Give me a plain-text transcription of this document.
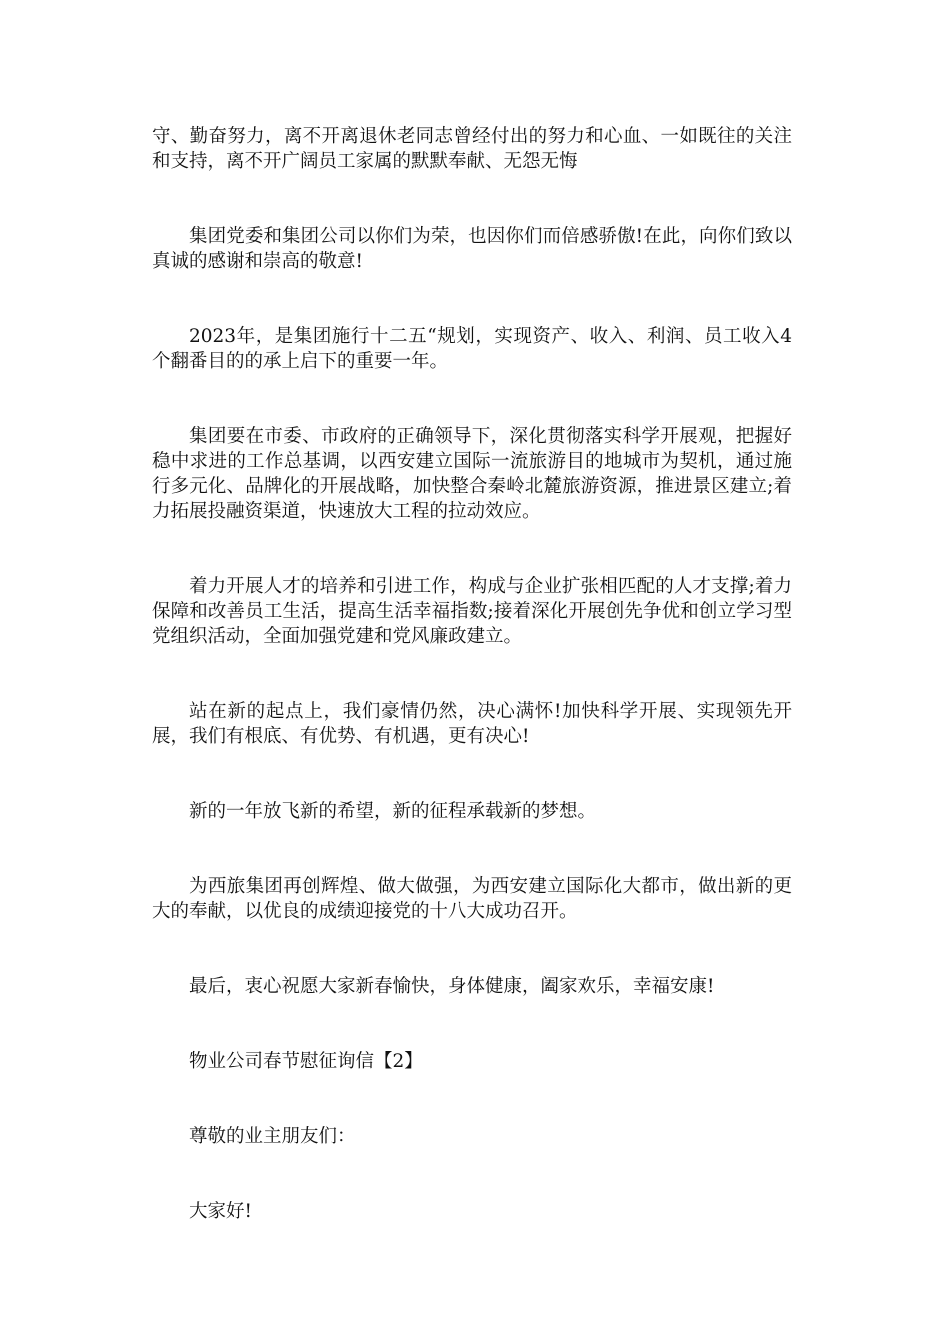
守、勤奋努力，离不开离退休老同志曾经付出的努力和心血、一如既往的关注和支持，离不开广阔员工家属的默默奉献、无怨无悔

集团党委和集团公司以你们为荣，也因你们而倍感骄傲!在此，向你们致以真诚的感谢和崇高的敬意!

2023年，是集团施行十二五“规划，实现资产、收入、利润、员工收入4个翻番目的的承上启下的重要一年。

集团要在市委、市政府的正确领导下，深化贯彻落实科学开展观，把握好稳中求进的工作总基调，以西安建立国际一流旅游目的地城市为契机，通过施行多元化、品牌化的开展战略，加快整合秦岭北麓旅游资源，推进景区建立;着力拓展投融资渠道，快速放大工程的拉动效应。

着力开展人才的培养和引进工作，构成与企业扩张相匹配的人才支撑;着力保障和改善员工生活，提高生活幸福指数;接着深化开展创先争优和创立学习型党组织活动，全面加强党建和党风廉政建立。

站在新的起点上，我们豪情仍然，决心满怀!加快科学开展、实现领先开展，我们有根底、有优势、有机遇，更有决心!

新的一年放飞新的希望，新的征程承载新的梦想。

为西旅集团再创辉煌、做大做强，为西安建立国际化大都市，做出新的更大的奉献，以优良的成绩迎接党的十八大成功召开。

最后，衷心祝愿大家新春愉快，身体健康，阖家欢乐，幸福安康!

物业公司春节慰征询信【2】

尊敬的业主朋友们：

大家好!
